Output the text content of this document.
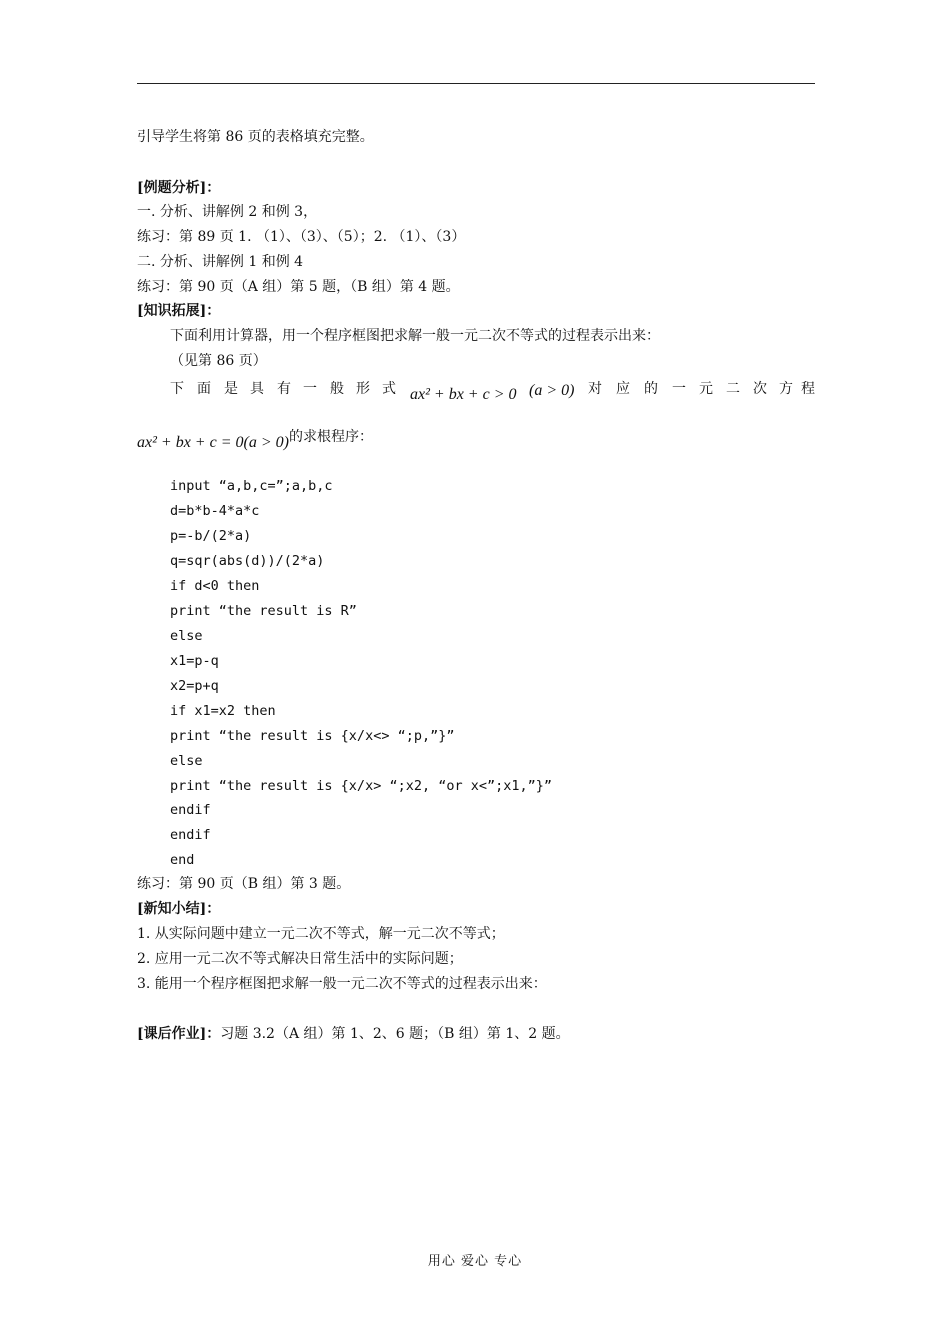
引导学生将第 86 页的表格填充完整。
[例题分析]：
一. 分析、讲解例 2 和例 3，
练习：第 89 页 1. （1）、（3）、（5）；2. （1）、（3）
二. 分析、讲解例 1 和例 4
练习：第 90 页（A 组）第 5 题，（B 组）第 4 题。
[知识拓展]：
下面利用计算器，用一个程序框图把求解一般一元二次不等式的过程表示出来：
（见第 86 页）
下 面 是 具 有 一 般 形 式 ax² + bx + c > 0 (a > 0) 对 应 的 一 元 二 次 方 程
ax² + bx + c = 0(a > 0)的求根程序：
input “a,b,c=”;a,b,c
d=b*b-4*a*c
p=-b/(2*a)
q=sqr(abs(d))/(2*a)
if d<0 then
print “the result is R”
else
x1=p-q
x2=p+q
if x1=x2 then
print “the result is {x/x<> “;p,”}”
else
print “the result is {x/x> “;x2, “or x<”;x1,”}”
endif
endif
end
练习：第 90 页（B 组）第 3 题。
[新知小结]：
1. 从实际问题中建立一元二次不等式，解一元二次不等式；
2. 应用一元二次不等式解决日常生活中的实际问题；
3. 能用一个程序框图把求解一般一元二次不等式的过程表示出来：
[课后作业]：习题 3.2（A 组）第 1、2、6 题；（B 组）第 1、2 题。
用心 爱心 专心
